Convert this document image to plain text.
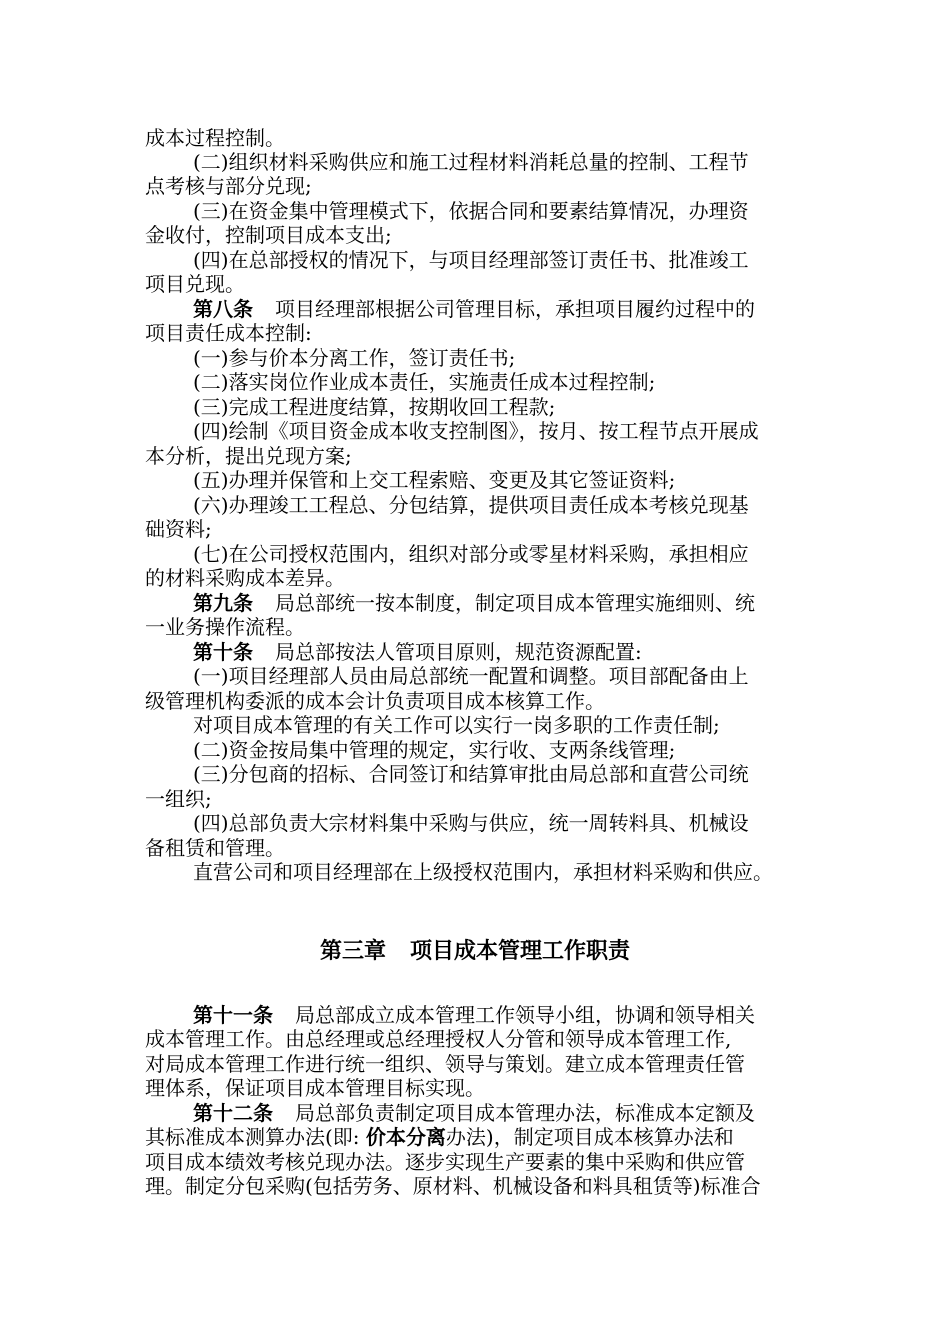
成本过程控制。
(二)组织材料采购供应和施工过程材料消耗总量的控制、工程节
点考核与部分兑现;
(三)在资金集中管理模式下，依据合同和要素结算情况，办理资
金收付，控制项目成本支出;
(四)在总部授权的情况下，与项目经理部签订责任书、批准竣工
项目兑现。
第八条 项目经理部根据公司管理目标，承担项目履约过程中的
项目责任成本控制:
(一)参与价本分离工作，签订责任书;
(二)落实岗位作业成本责任，实施责任成本过程控制;
(三)完成工程进度结算，按期收回工程款;
(四)绘制《项目资金成本收支控制图》，按月、按工程节点开展成
本分析，提出兑现方案;
(五)办理并保管和上交工程索赔、变更及其它签证资料;
(六)办理竣工工程总、分包结算，提供项目责任成本考核兑现基
础资料;
(七)在公司授权范围内，组织对部分或零星材料采购，承担相应
的材料采购成本差异。
第九条 局总部统一按本制度，制定项目成本管理实施细则、统
一业务操作流程。
第十条 局总部按法人管项目原则，规范资源配置:
(一)项目经理部人员由局总部统一配置和调整。项目部配备由上
级管理机构委派的成本会计负责项目成本核算工作。
对项目成本管理的有关工作可以实行一岗多职的工作责任制;
(二)资金按局集中管理的规定，实行收、支两条线管理;
(三)分包商的招标、合同签订和结算审批由局总部和直营公司统
一组织;
(四)总部负责大宗材料集中采购与供应，统一周转料具、机械设
备租赁和管理。
直营公司和项目经理部在上级授权范围内，承担材料采购和供应。
第三章 项目成本管理工作职责
第十一条 局总部成立成本管理工作领导小组，协调和领导相关
成本管理工作。由总经理或总经理授权人分管和领导成本管理工作,
对局成本管理工作进行统一组织、领导与策划。建立成本管理责任管
理体系，保证项目成本管理目标实现。
第十二条 局总部负责制定项目成本管理办法，标准成本定额及
其标准成本测算办法(即: 价本分离办法)，制定项目成本核算办法和
项目成本绩效考核兑现办法。逐步实现生产要素的集中采购和供应管
理。制定分包采购(包括劳务、原材料、机械设备和料具租赁等)标准合
